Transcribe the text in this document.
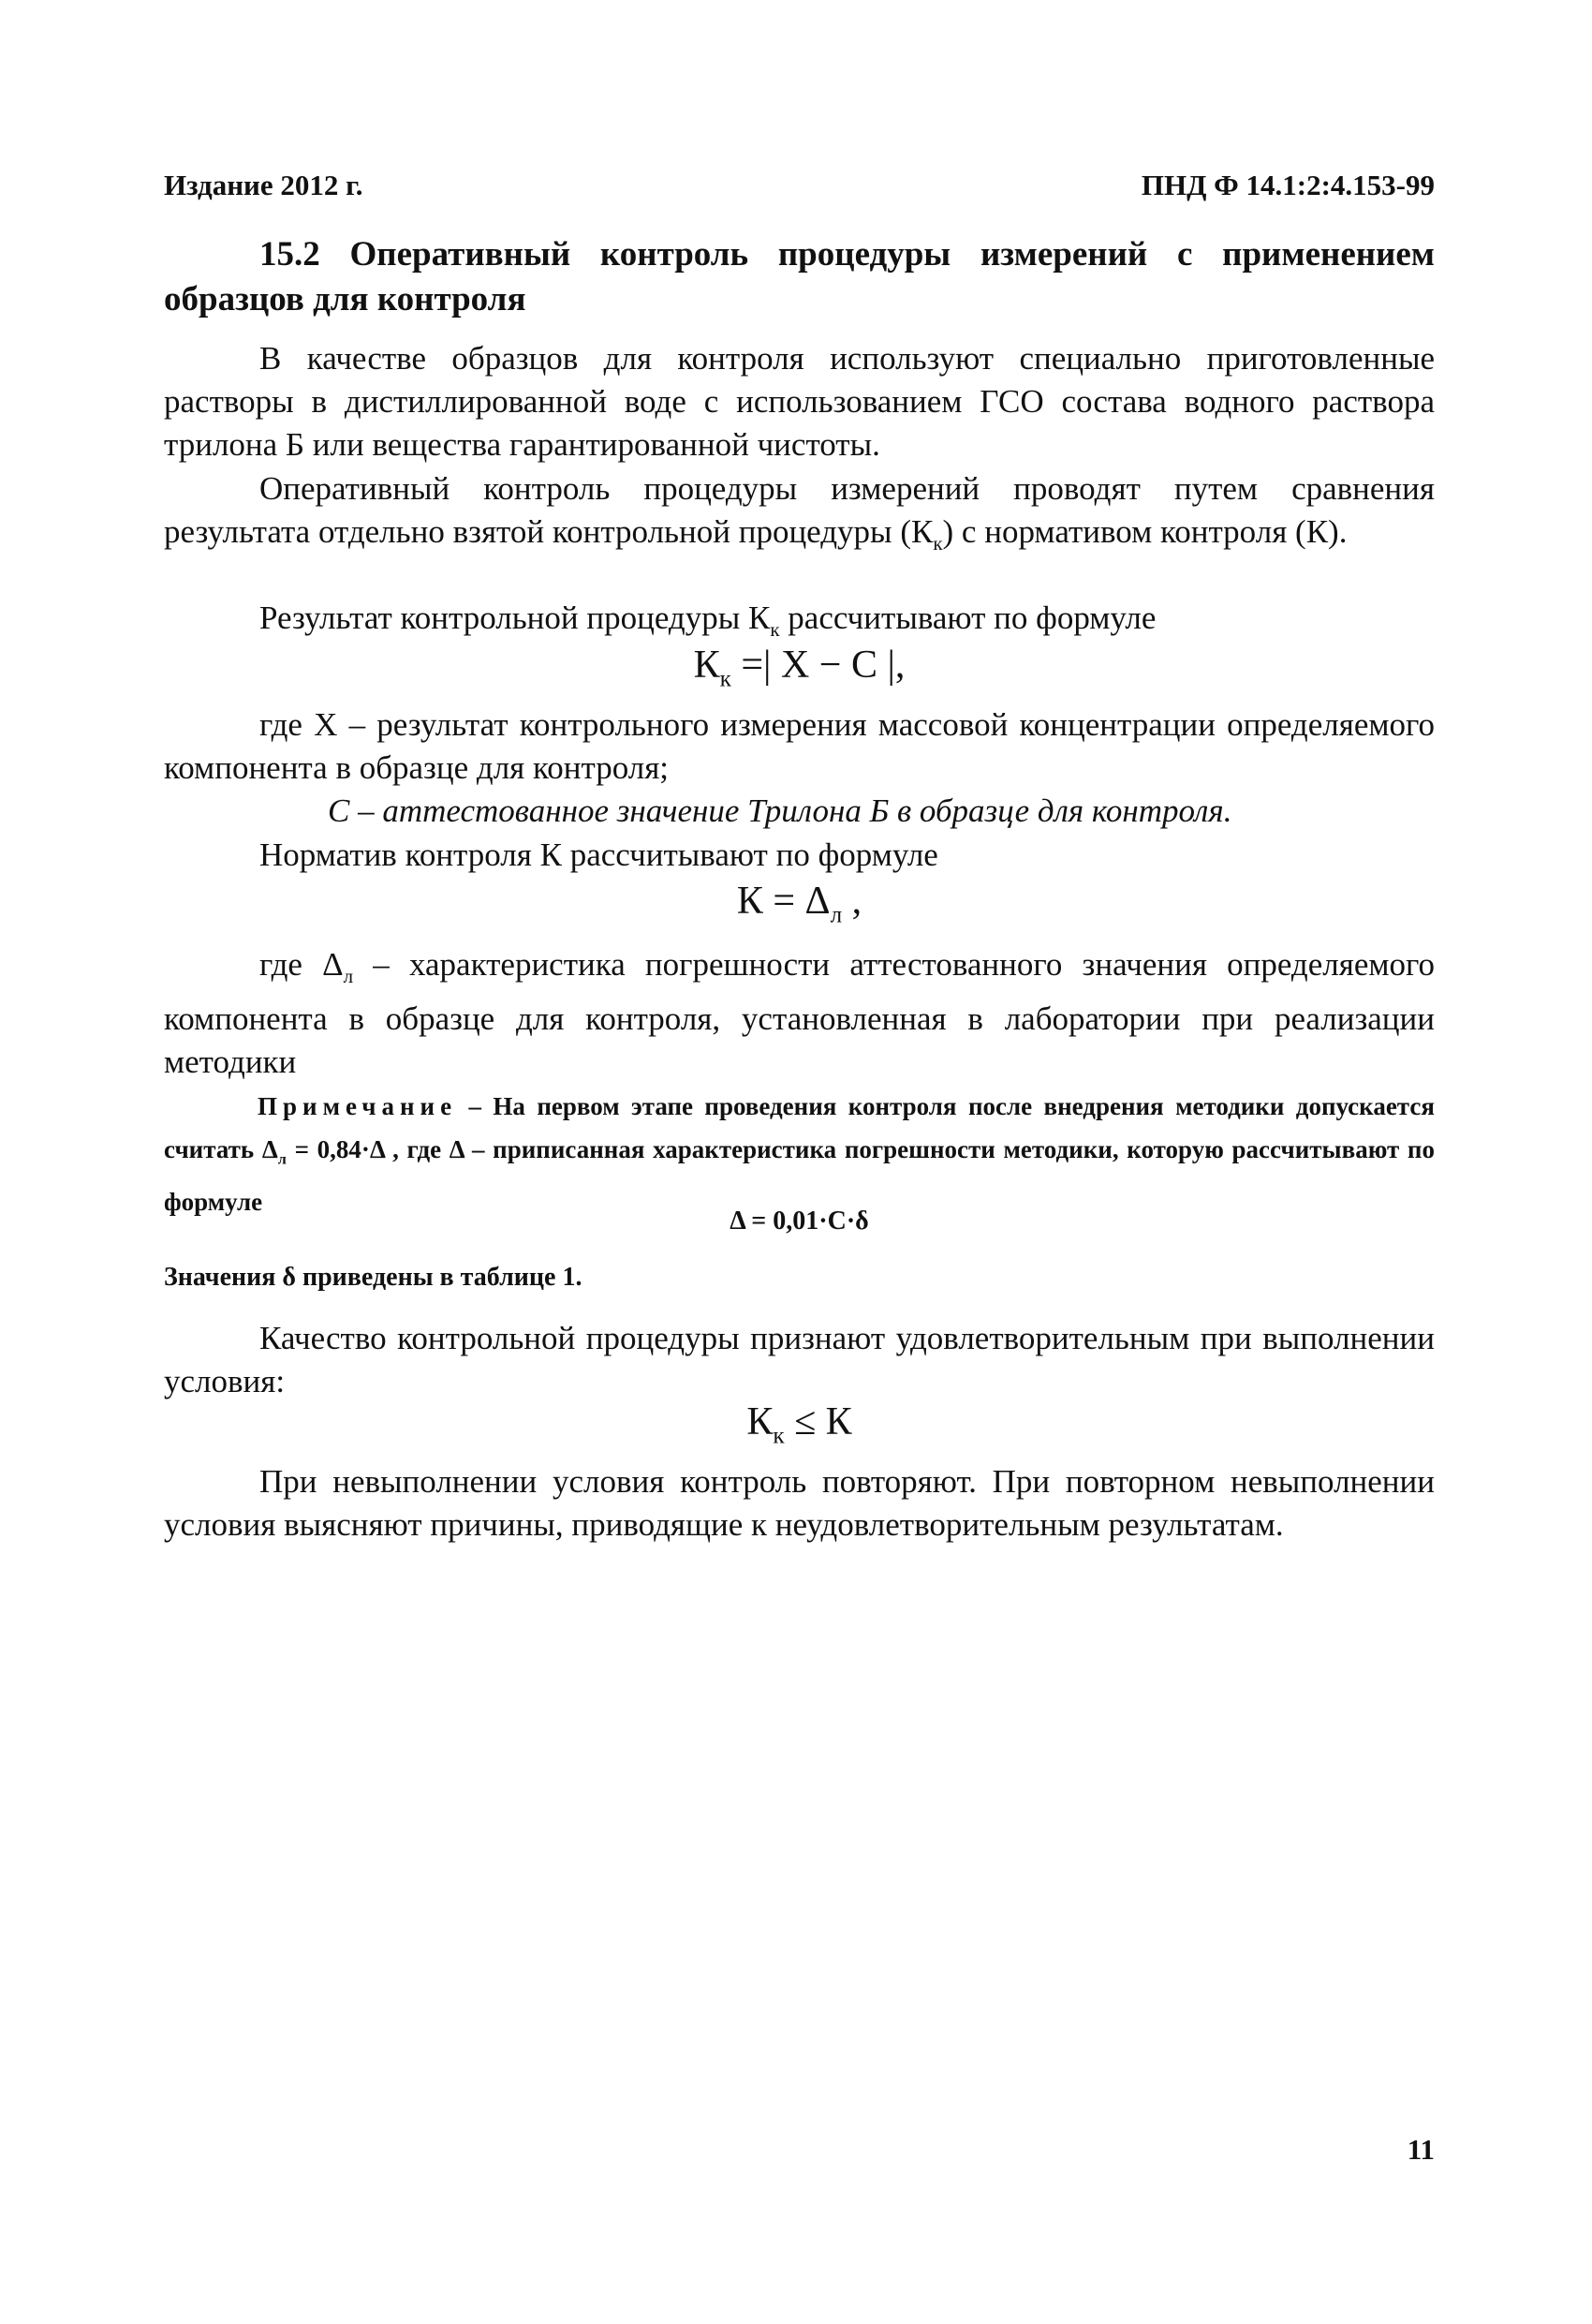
Издание 2012 г.	ПНД Ф 14.1:2:4.153-99
15.2 Оперативный контроль процедуры измерений с применением образцов для контроля
В качестве образцов для контроля используют специально приготовленные растворы в дистиллированной воде с использованием ГСО состава водного раствора трилона Б или вещества гарантированной чистоты.
Оперативный контроль процедуры измерений проводят путем сравнения результата отдельно взятой контрольной процедуры $(К_к)$ с нормативом контроля (К).
Результат контрольной процедуры $К_к$ рассчитывают по формуле
$К_к$ =| X − C |,
где X – результат контрольного измерения массовой концентрации определяемого компонента в образце для контроля;
С – аттестованное значение Трилона Б в образце для контроля.
Норматив контроля К рассчитывают по формуле
$К = \Delta_л$ ,
где $\Delta_л$ – характеристика погрешности аттестованного значения определяемого компонента в образце для контроля, установленная в лаборатории при реализации методики
Примечание – На первом этапе проведения контроля после внедрения методики допускается считать $\Delta_л = 0,84\cdot\Delta$ , где Δ – приписанная характеристика погрешности методики, которую рассчитывают по формуле
Δ = 0,01·C·δ
Значения δ приведены в таблице 1.
Качество контрольной процедуры признают удовлетворительным при выполнении условия:
$К_к \le К$
При невыполнении условия контроль повторяют. При повторном невыполнении условия выясняют причины, приводящие к неудовлетворительным результатам.
11
